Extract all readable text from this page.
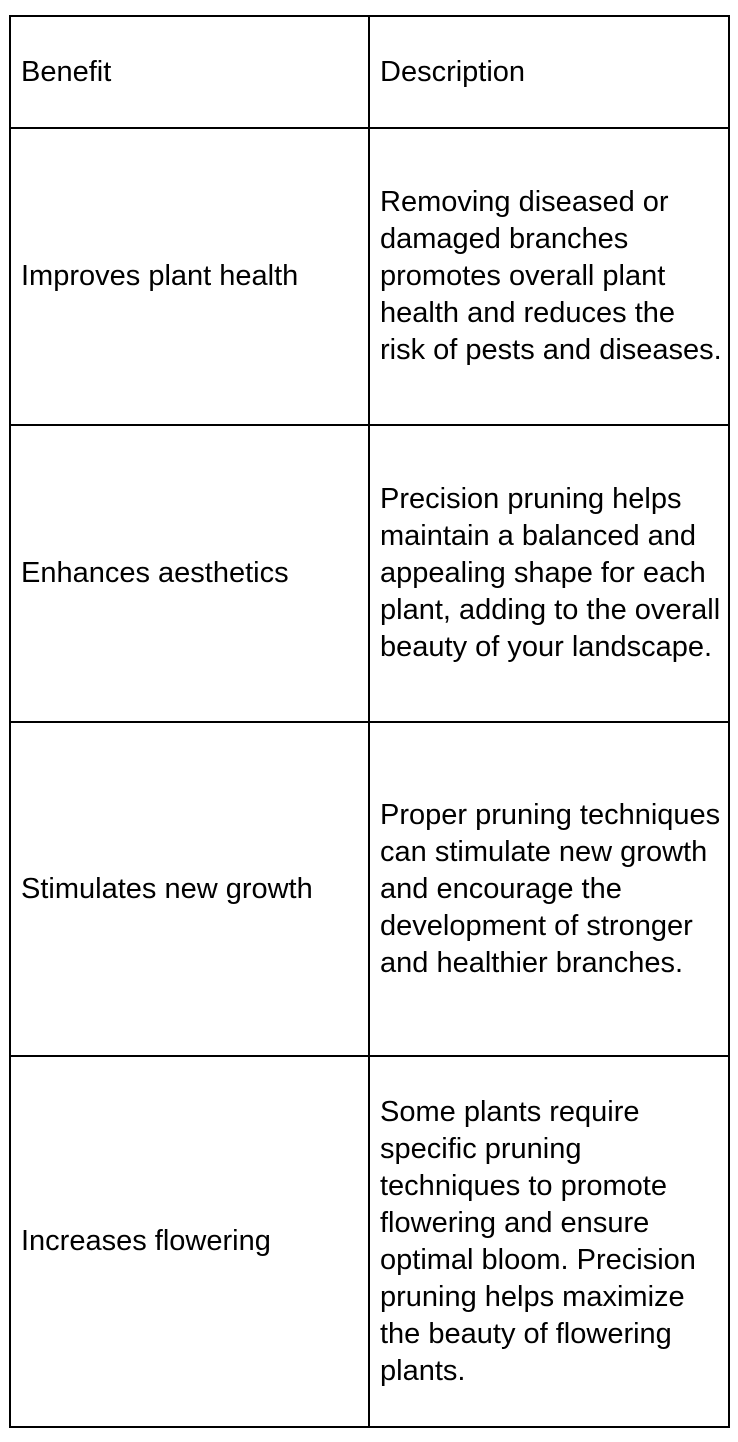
Benefit	Description
Improves plant health	Removing diseased or damaged branches promotes overall plant health and reduces the risk of pests and diseases.
Enhances aesthetics	Precision pruning helps maintain a balanced and appealing shape for each plant, adding to the overall beauty of your landscape.
Stimulates new growth	Proper pruning techniques can stimulate new growth and encourage the development of stronger and healthier branches.
Increases flowering	Some plants require specific pruning techniques to promote flowering and ensure optimal bloom. Precision pruning helps maximize the beauty of flowering plants.
